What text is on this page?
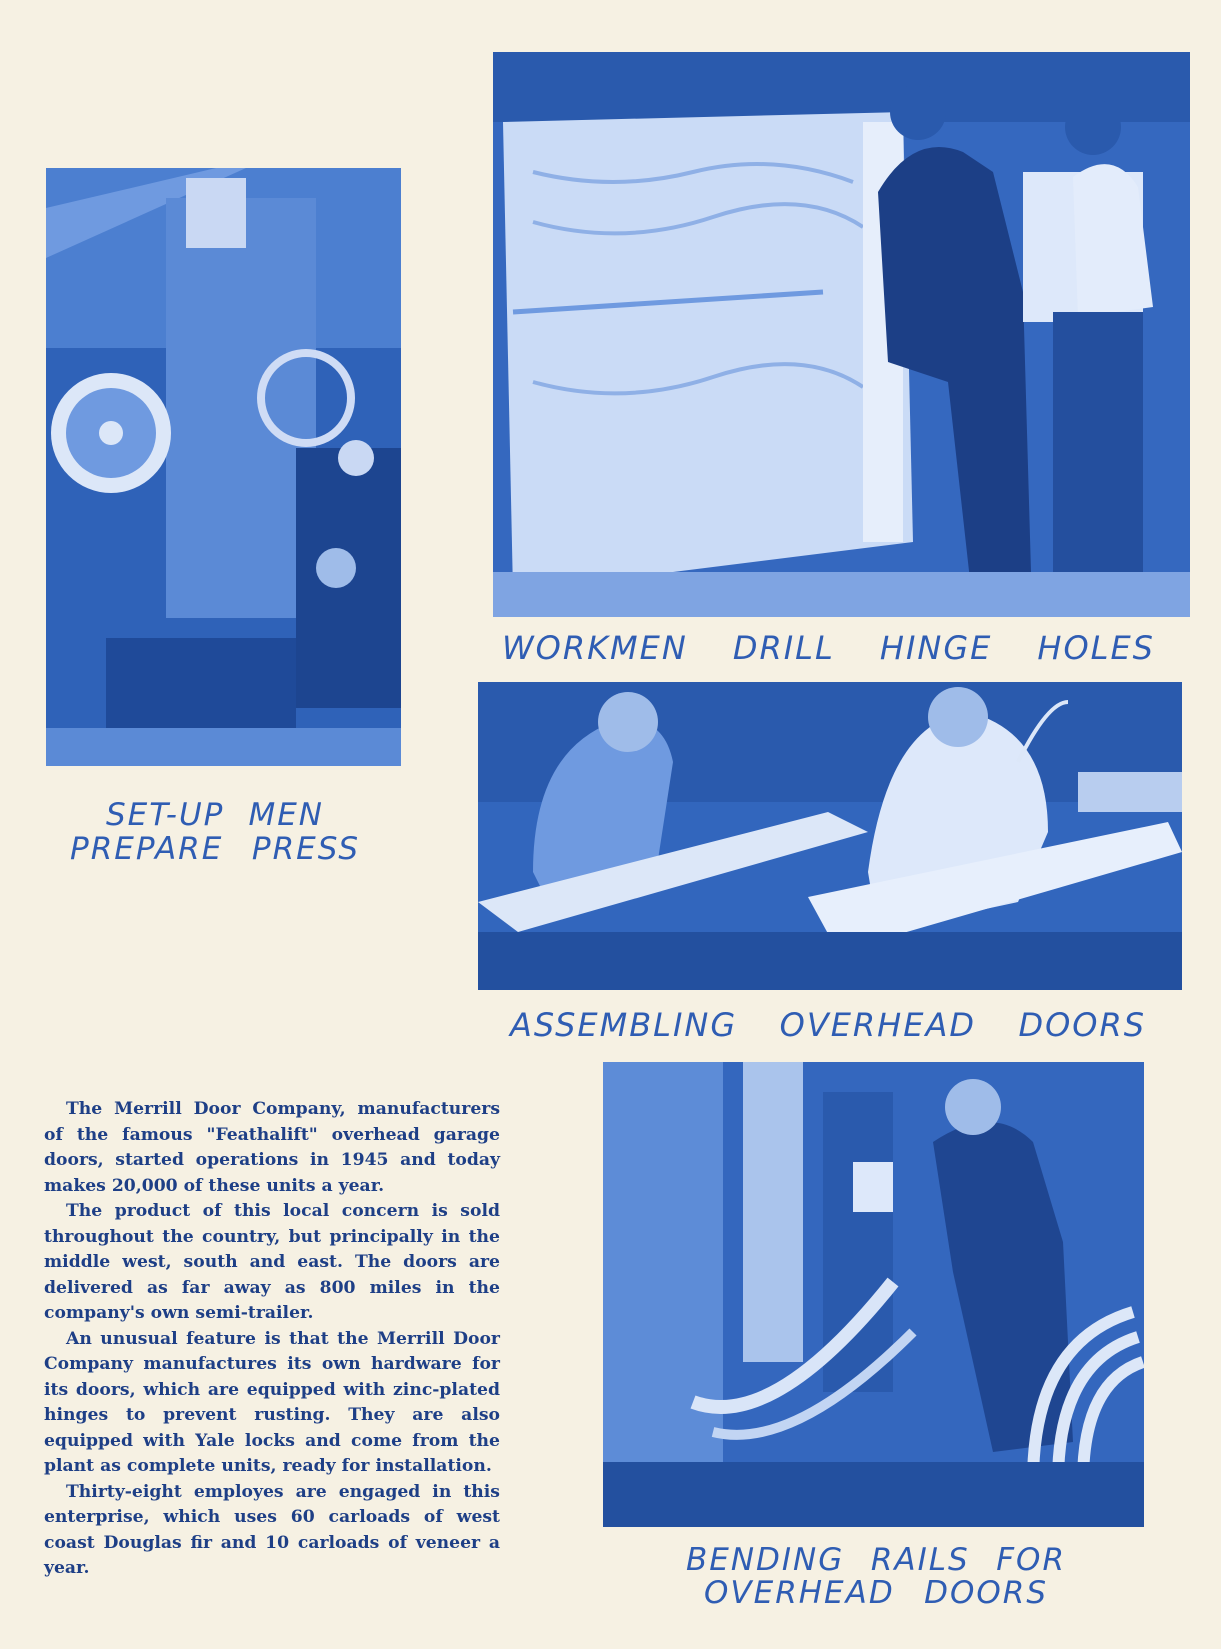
SET-UP MEN
PREPARE PRESS
WORKMEN DRILL HINGE HOLES
ASSEMBLING OVERHEAD DOORS
BENDING RAILS FOR
OVERHEAD DOORS

The Merrill Door Company, manufacturers of the famous "Feathalift" overhead garage doors, started operations in 1945 and today makes 20,000 of these units a year.

The product of this local concern is sold throughout the country, but principally in the middle west, south and east. The doors are delivered as far away as 800 miles in the company's own semi-trailer.

An unusual feature is that the Merrill Door Company manufactures its own hardware for its doors, which are equipped with zinc-plated hinges to prevent rusting. They are also equipped with Yale locks and come from the plant as complete units, ready for installation.

Thirty-eight employes are engaged in this enterprise, which uses 60 carloads of west coast Douglas fir and 10 carloads of veneer a year.
